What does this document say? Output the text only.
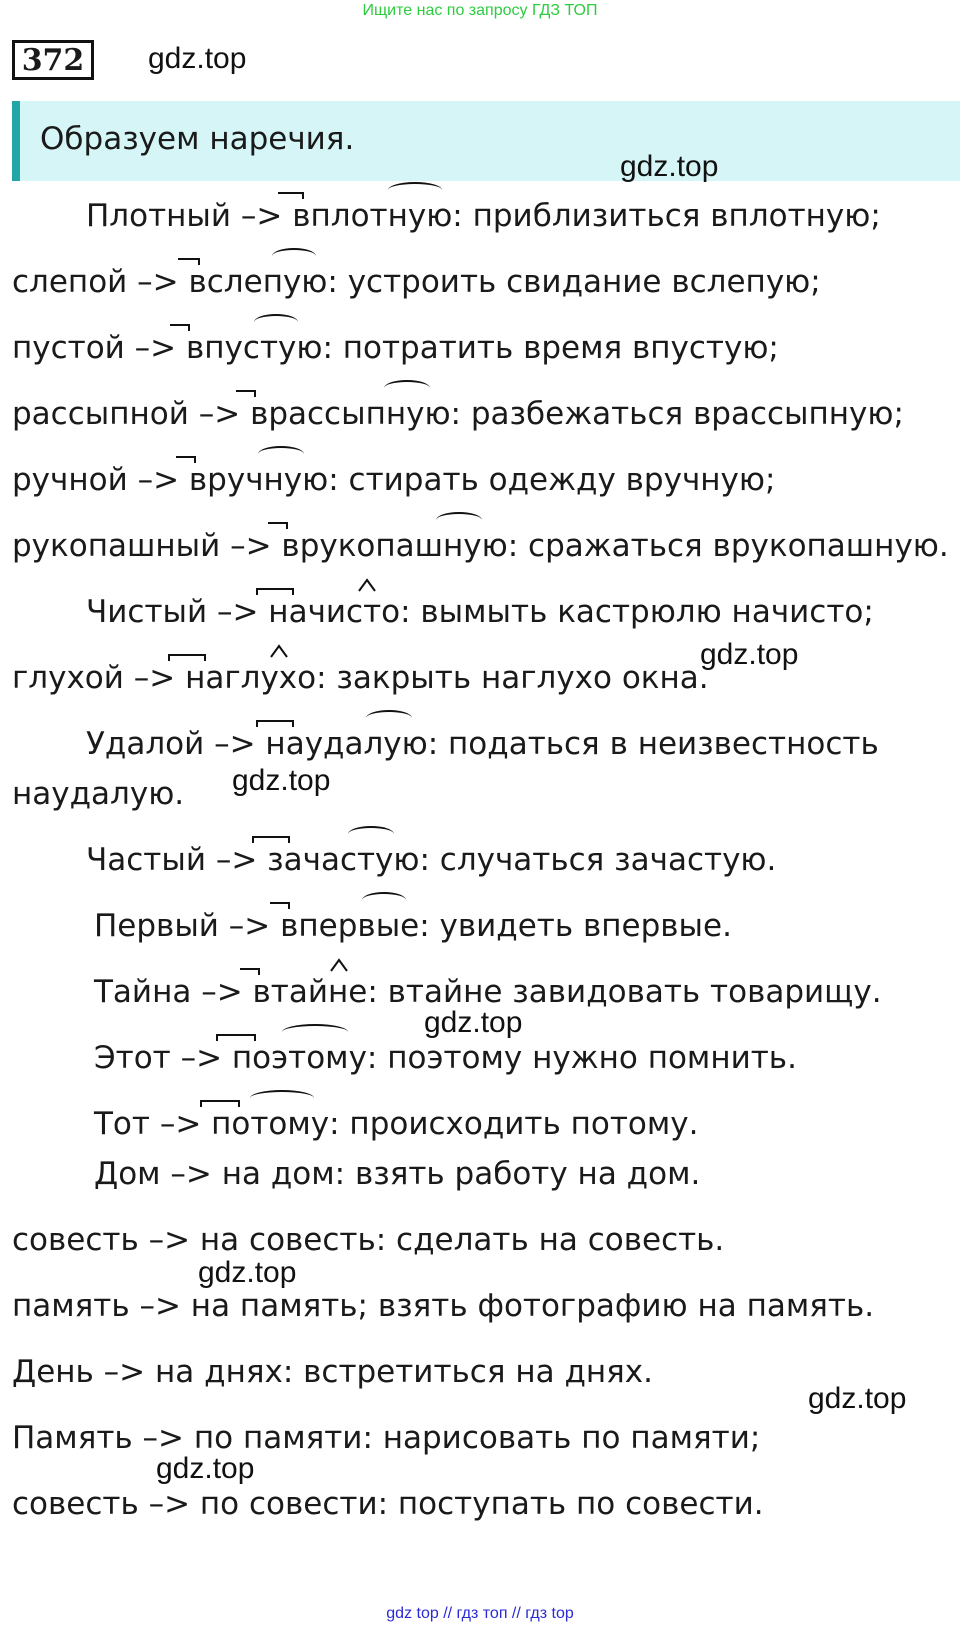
Ищите нас по запросу ГДЗ ТОП
372	gdz.top
Образуем наречия.
gdz.top
gdz.top
gdz.top
gdz.top
gdz.top
gdz.top
gdz.top
Плотный –> вплотную: приблизиться вплотную;
слепой –> вслепую: устроить свидание вслепую;
пустой –> впустую: потратить время впустую;
рассыпной –> врассыпную: разбежаться врассыпную;
ручной –> вручную: стирать одежду вручную;
рукопашный –> врукопашную: сражаться врукопашную.
Чистый –> начисто: вымыть кастрюлю начисто;
глухой –> наглухо: закрыть наглухо окна.
Удалой –> наудалую: податься в неизвестность
наудалую.
Частый –> зачастую: случаться зачастую.
Первый –> впервые: увидеть впервые.
Тайна –> втайне: втайне завидовать товарищу.
Этот –> поэтому: поэтому нужно помнить.
Тот –> потому: происходить потому.
Дом –> на дом: взять работу на дом.
совесть –> на совесть: сделать на совесть.
память –> на память; взять фотографию на память.
День –> на днях: встретиться на днях.
Память –> по памяти: нарисовать по памяти;
совесть –> по совести: поступать по совести.
gdz top // гдз топ // гдз top
